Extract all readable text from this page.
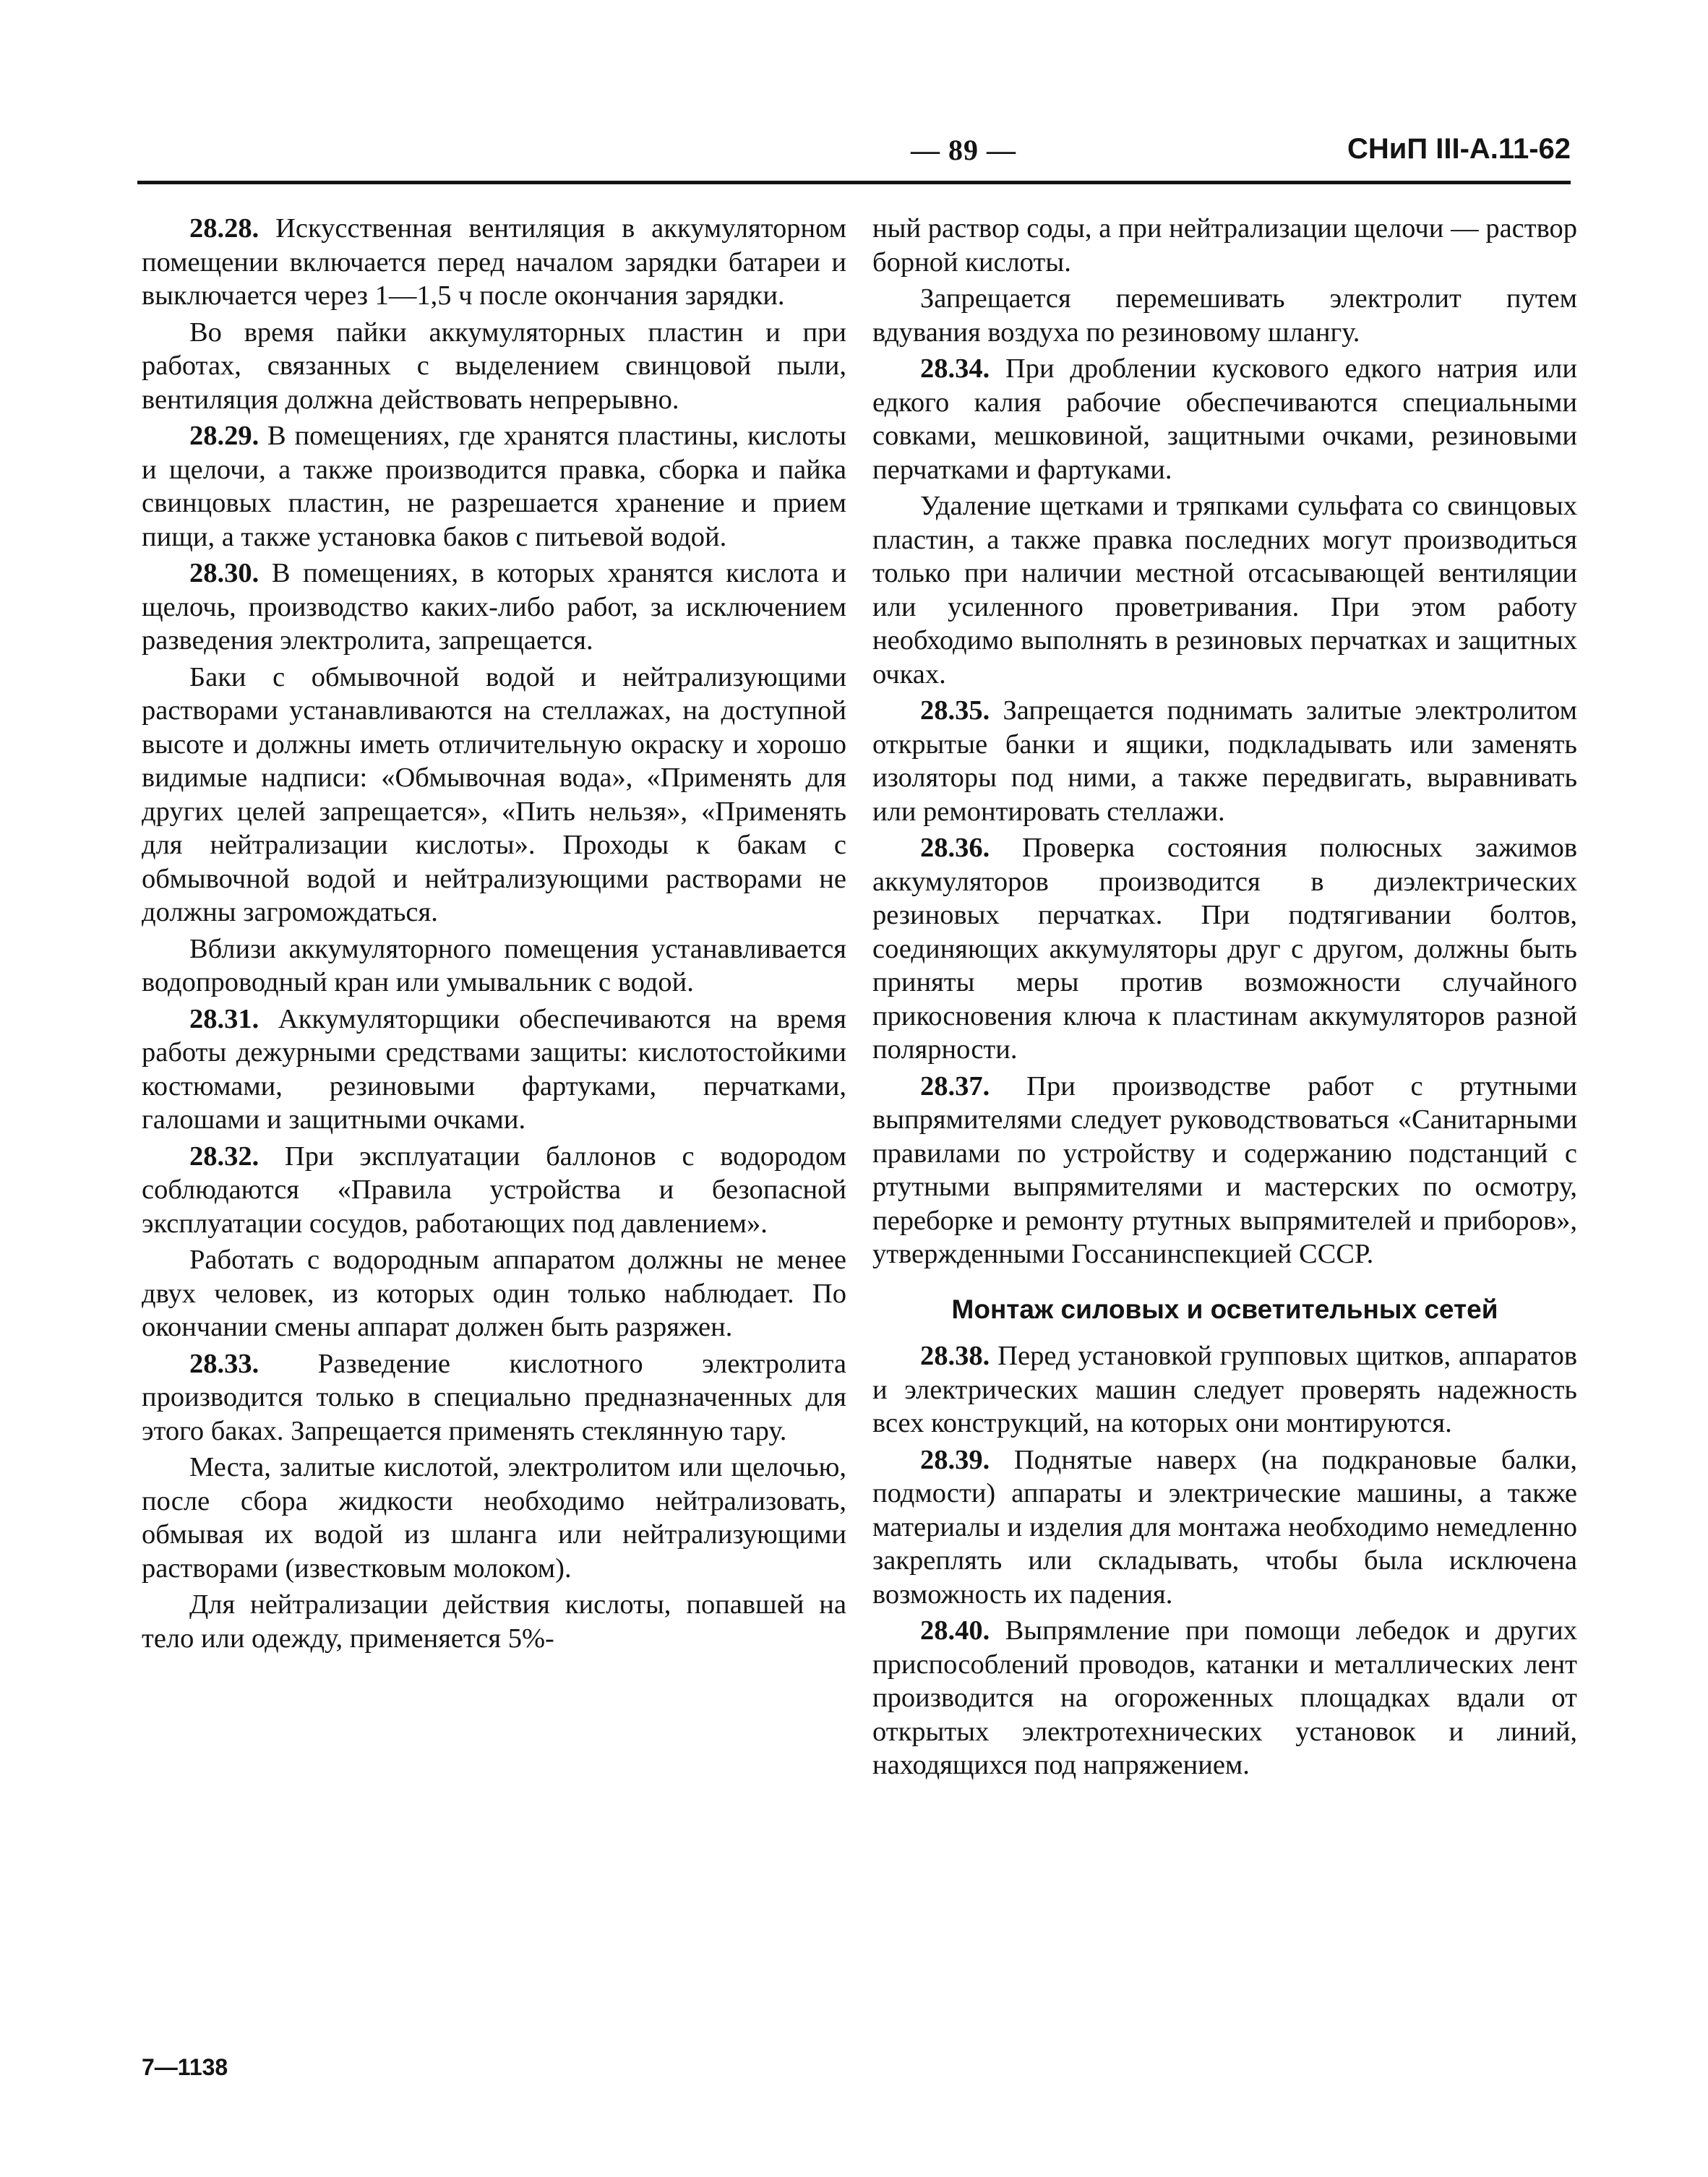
— 89 —	СНиП III-А.11-62

28.28. Искусственная вентиляция в аккумуляторном помещении включается перед началом зарядки батареи и выключается через 1—1,5 ч после окончания зарядки.

Во время пайки аккумуляторных пластин и при работах, связанных с выделением свинцовой пыли, вентиляция должна действовать непрерывно.

28.29. В помещениях, где хранятся пластины, кислоты и щелочи, а также производится правка, сборка и пайка свинцовых пластин, не разрешается хранение и прием пищи, а также установка баков с питьевой водой.

28.30. В помещениях, в которых хранятся кислота и щелочь, производство каких-либо работ, за исключением разведения электролита, запрещается.

Баки с обмывочной водой и нейтрализующими растворами устанавливаются на стеллажах, на доступной высоте и должны иметь отличительную окраску и хорошо видимые надписи: «Обмывочная вода», «Применять для других целей запрещается», «Пить нельзя», «Применять для нейтрализации кислоты». Проходы к бакам с обмывочной водой и нейтрализующими растворами не должны загромождаться.

Вблизи аккумуляторного помещения устанавливается водопроводный кран или умывальник с водой.

28.31. Аккумуляторщики обеспечиваются на время работы дежурными средствами защиты: кислотостойкими костюмами, резиновыми фартуками, перчатками, галошами и защитными очками.

28.32. При эксплуатации баллонов с водородом соблюдаются «Правила устройства и безопасной эксплуатации сосудов, работающих под давлением».

Работать с водородным аппаратом должны не менее двух человек, из которых один только наблюдает. По окончании смены аппарат должен быть разряжен.

28.33. Разведение кислотного электролита производится только в специально предназначенных для этого баках. Запрещается применять стеклянную тару.

Места, залитые кислотой, электролитом или щелочью, после сбора жидкости необходимо нейтрализовать, обмывая их водой из шланга или нейтрализующими растворами (известковым молоком).

Для нейтрализации действия кислоты, попавшей на тело или одежду, применяется 5%-

ный раствор соды, а при нейтрализации щелочи — раствор борной кислоты.

Запрещается перемешивать электролит путем вдувания воздуха по резиновому шлангу.

28.34. При дроблении кускового едкого натрия или едкого калия рабочие обеспечиваются специальными совками, мешковиной, защитными очками, резиновыми перчатками и фартуками.

Удаление щетками и тряпками сульфата со свинцовых пластин, а также правка последних могут производиться только при наличии местной отсасывающей вентиляции или усиленного проветривания. При этом работу необходимо выполнять в резиновых перчатках и защитных очках.

28.35. Запрещается поднимать залитые электролитом открытые банки и ящики, подкладывать или заменять изоляторы под ними, а также передвигать, выравнивать или ремонтировать стеллажи.

28.36. Проверка состояния полюсных зажимов аккумуляторов производится в диэлектрических резиновых перчатках. При подтягивании болтов, соединяющих аккумуляторы друг с другом, должны быть приняты меры против возможности случайного прикосновения ключа к пластинам аккумуляторов разной полярности.

28.37. При производстве работ с ртутными выпрямителями следует руководствоваться «Санитарными правилами по устройству и содержанию подстанций с ртутными выпрямителями и мастерских по осмотру, переборке и ремонту ртутных выпрямителей и приборов», утвержденными Госсанинспекцией СССР.

Монтаж силовых и осветительных сетей

28.38. Перед установкой групповых щитков, аппаратов и электрических машин следует проверять надежность всех конструкций, на которых они монтируются.

28.39. Поднятые наверх (на подкрановые балки, подмости) аппараты и электрические машины, а также материалы и изделия для монтажа необходимо немедленно закреплять или складывать, чтобы была исключена возможность их падения.

28.40. Выпрямление при помощи лебедок и других приспособлений проводов, катанки и металлических лент производится на огороженных площадках вдали от открытых электротехнических установок и линий, находящихся под напряжением.

7—1138
